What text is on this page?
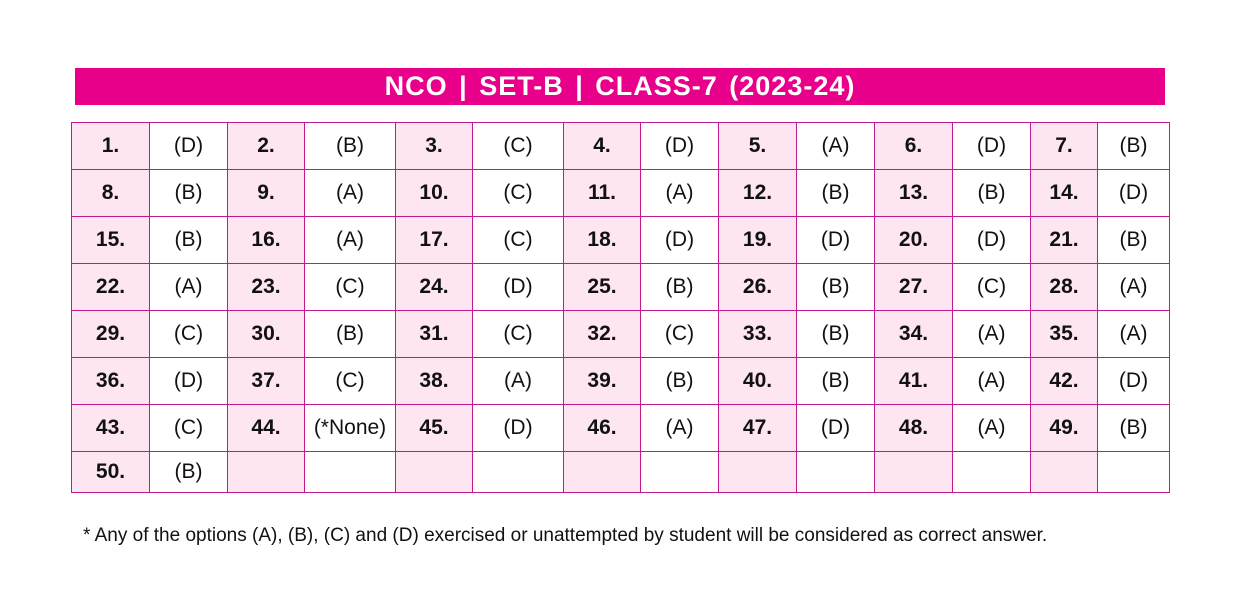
NCO | SET-B | CLASS-7 (2023-24)
1.	(D)	2.	(B)	3.	(C)	4.	(D)	5.	(A)	6.	(D)	7.	(B)
8.	(B)	9.	(A)	10.	(C)	11.	(A)	12.	(B)	13.	(B)	14.	(D)
15.	(B)	16.	(A)	17.	(C)	18.	(D)	19.	(D)	20.	(D)	21.	(B)
22.	(A)	23.	(C)	24.	(D)	25.	(B)	26.	(B)	27.	(C)	28.	(A)
29.	(C)	30.	(B)	31.	(C)	32.	(C)	33.	(B)	34.	(A)	35.	(A)
36.	(D)	37.	(C)	38.	(A)	39.	(B)	40.	(B)	41.	(A)	42.	(D)
43.	(C)	44.	(*None)	45.	(D)	46.	(A)	47.	(D)	48.	(A)	49.	(B)
50.	(B)												
* Any of the options (A), (B), (C) and (D) exercised or unattempted by student will be considered as correct answer.
